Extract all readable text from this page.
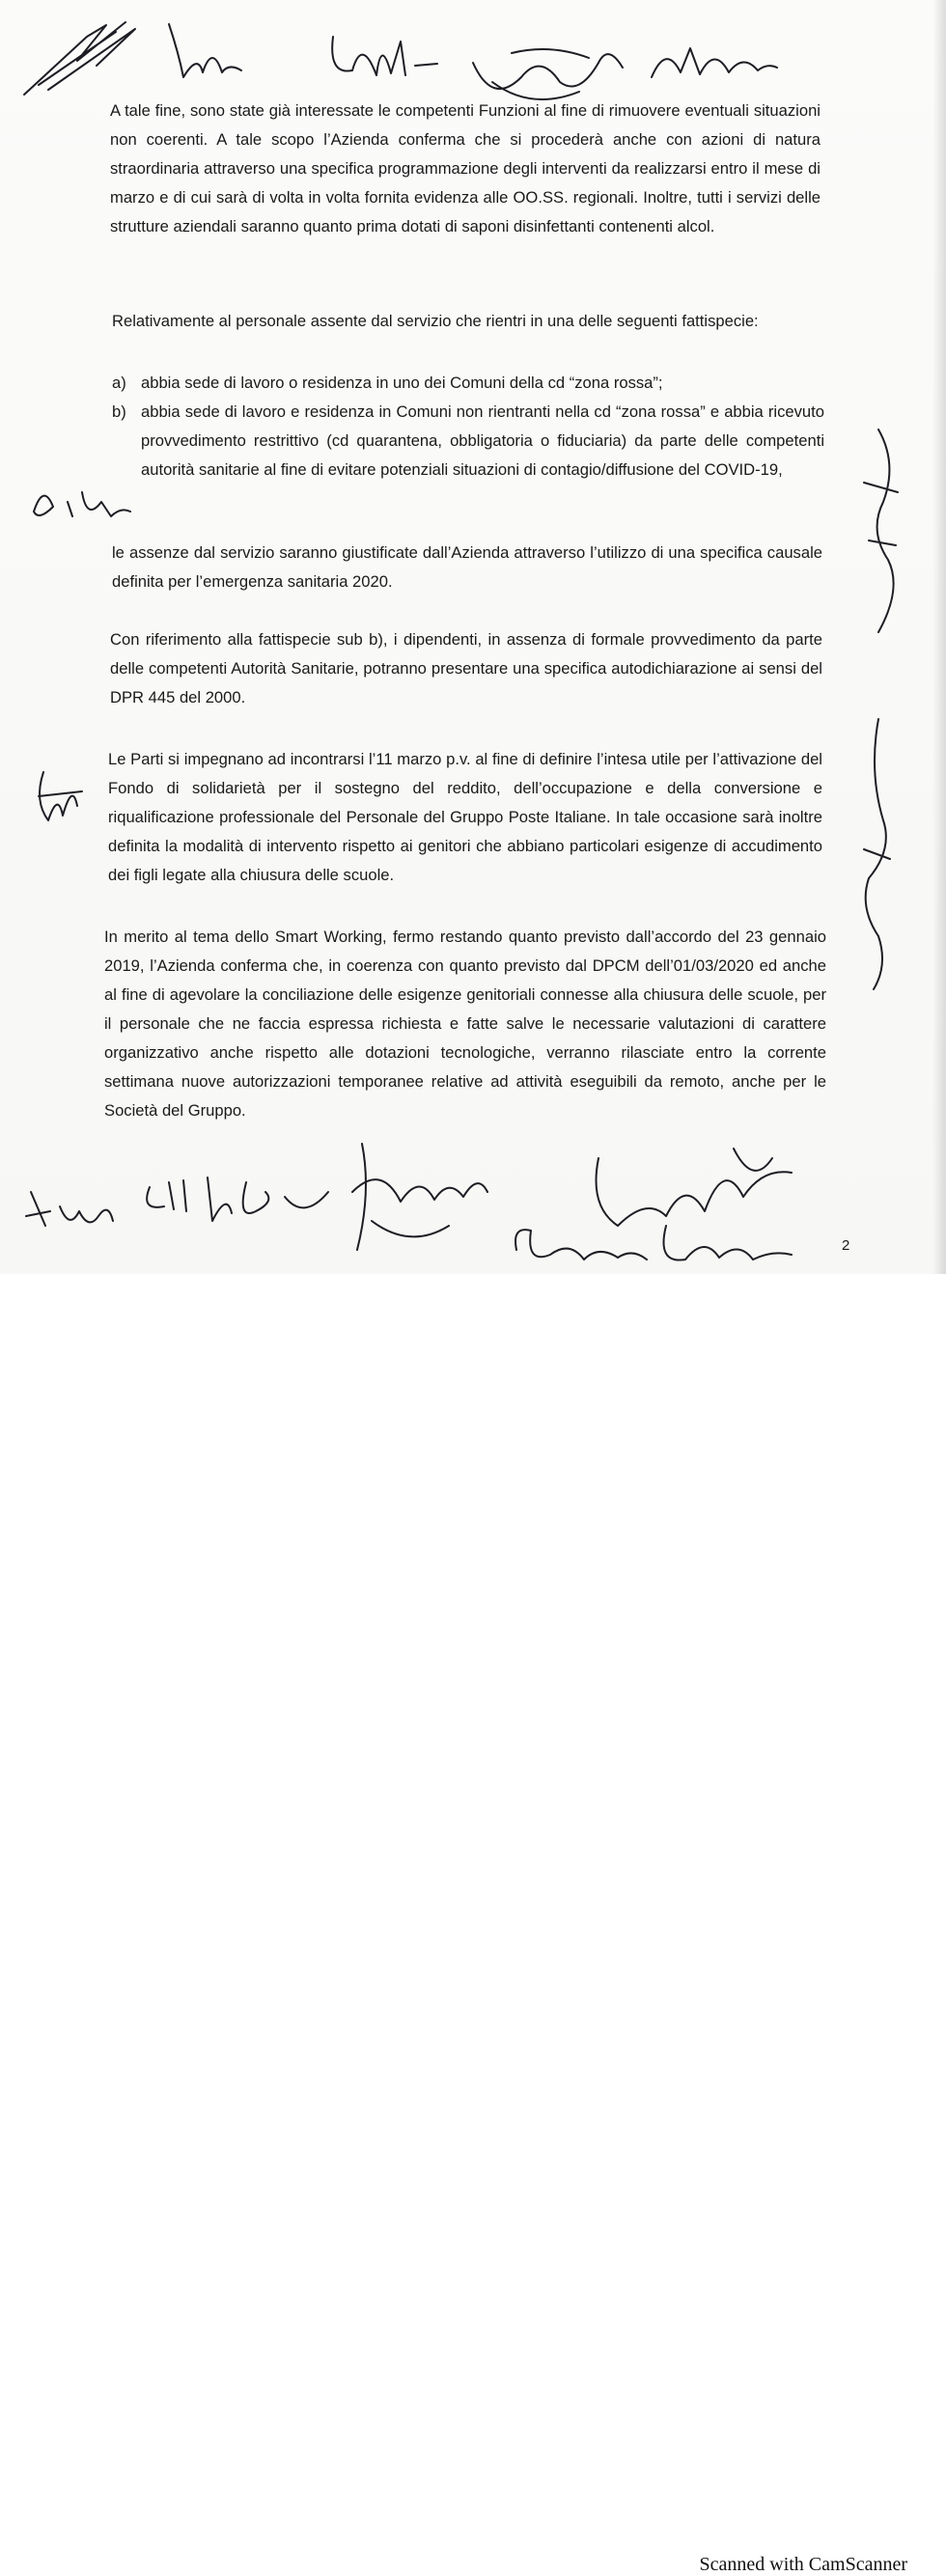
A tale fine, sono state già interessate le competenti Funzioni al fine di rimuovere eventuali situazioni non coerenti. A tale scopo l’Azienda conferma che si procederà anche con azioni di natura straordinaria attraverso una specifica programmazione degli interventi da realizzarsi entro il mese di marzo e di cui sarà di volta in volta fornita evidenza alle OO.SS. regionali. Inoltre, tutti i servizi delle strutture aziendali saranno quanto prima dotati di saponi disinfettanti contenenti alcol.

Relativamente al personale assente dal servizio che rientri in una delle seguenti fattispecie:

a) abbia sede di lavoro o residenza in uno dei Comuni della cd “zona rossa”;
b) abbia sede di lavoro e residenza in Comuni non rientranti nella cd “zona rossa” e abbia ricevuto provvedimento restrittivo (cd quarantena, obbligatoria o fiduciaria) da parte delle competenti autorità sanitarie al fine di evitare potenziali situazioni di contagio/diffusione del COVID-19,

le assenze dal servizio saranno giustificate dall’Azienda attraverso l’utilizzo di una specifica causale definita per l’emergenza sanitaria 2020.

Con riferimento alla fattispecie sub b), i dipendenti, in assenza di formale provvedimento da parte delle competenti Autorità Sanitarie, potranno presentare una specifica autodichiarazione ai sensi del DPR 445 del 2000.

Le Parti si impegnano ad incontrarsi l’11 marzo p.v. al fine di definire l’intesa utile per l’attivazione del Fondo di solidarietà per il sostegno del reddito, dell’occupazione e della conversione e riqualificazione professionale del Personale del Gruppo Poste Italiane. In tale occasione sarà inoltre definita la modalità di intervento rispetto ai genitori che abbiano particolari esigenze di accudimento dei figli legate alla chiusura delle scuole.

In merito al tema dello Smart Working, fermo restando quanto previsto dall’accordo del 23 gennaio 2019, l’Azienda conferma che, in coerenza con quanto previsto dal DPCM dell’01/03/2020 ed anche al fine di agevolare la conciliazione delle esigenze genitoriali connesse alla chiusura delle scuole, per il personale che ne faccia espressa richiesta e fatte salve le necessarie valutazioni di carattere organizzativo anche rispetto alle dotazioni tecnologiche, verranno rilasciate entro la corrente settimana nuove autorizzazioni temporanee relative ad attività eseguibili da remoto, anche per le Società del Gruppo.

2
Scanned with CamScanner
